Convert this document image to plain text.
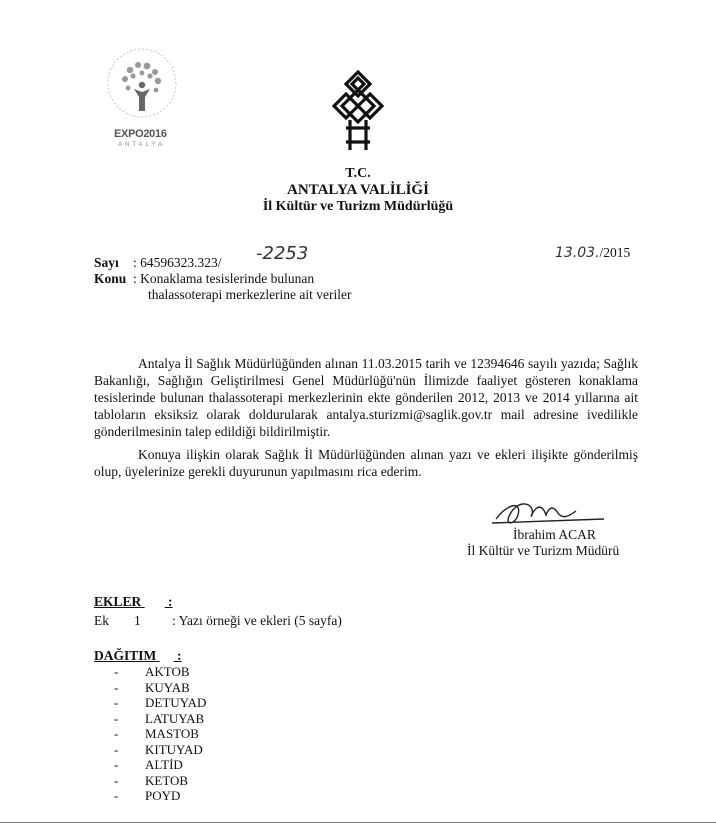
EXPO2016
ANTALYA
T.C.
ANTALYA VALİLİĞİ
İl Kültür ve Turizm Müdürlüğü
Sayı : 64596323.323/ -2253
Konu : Konaklama tesislerinde bulunan
thalassoterapi merkezlerine ait veriler
13.03. /2015

Antalya İl Sağlık Müdürlüğünden alınan 11.03.2015 tarih ve 12394646 sayılı yazıda; Sağlık Bakanlığı, Sağlığın Geliştirilmesi Genel Müdürlüğü'nün İlimizde faaliyet gösteren konaklama tesislerinde bulunan thalassoterapi merkezlerinin ekte gönderilen 2012, 2013 ve 2014 yıllarına ait tabloların eksiksiz olarak doldurularak antalya.sturizmi@saglik.gov.tr mail adresine ivedilikle gönderilmesinin talep edildiği bildirilmiştir.

Konuya ilişkin olarak Sağlık İl Müdürlüğünden alınan yazı ve ekleri ilişikte gönderilmiş olup, üyelerinize gerekli duyurunun yapılmasını rica ederim.

İbrahim ACAR
İl Kültür ve Turizm Müdürü
EKLER :
Ek 1 : Yazı örneği ve ekleri (5 sayfa)
DAĞITIM :
-	AKTOB
-	KUYAB
-	DETUYAD
-	LATUYAB
-	MASTOB
-	KITUYAD
-	ALTİD
-	KETOB
-	POYD
